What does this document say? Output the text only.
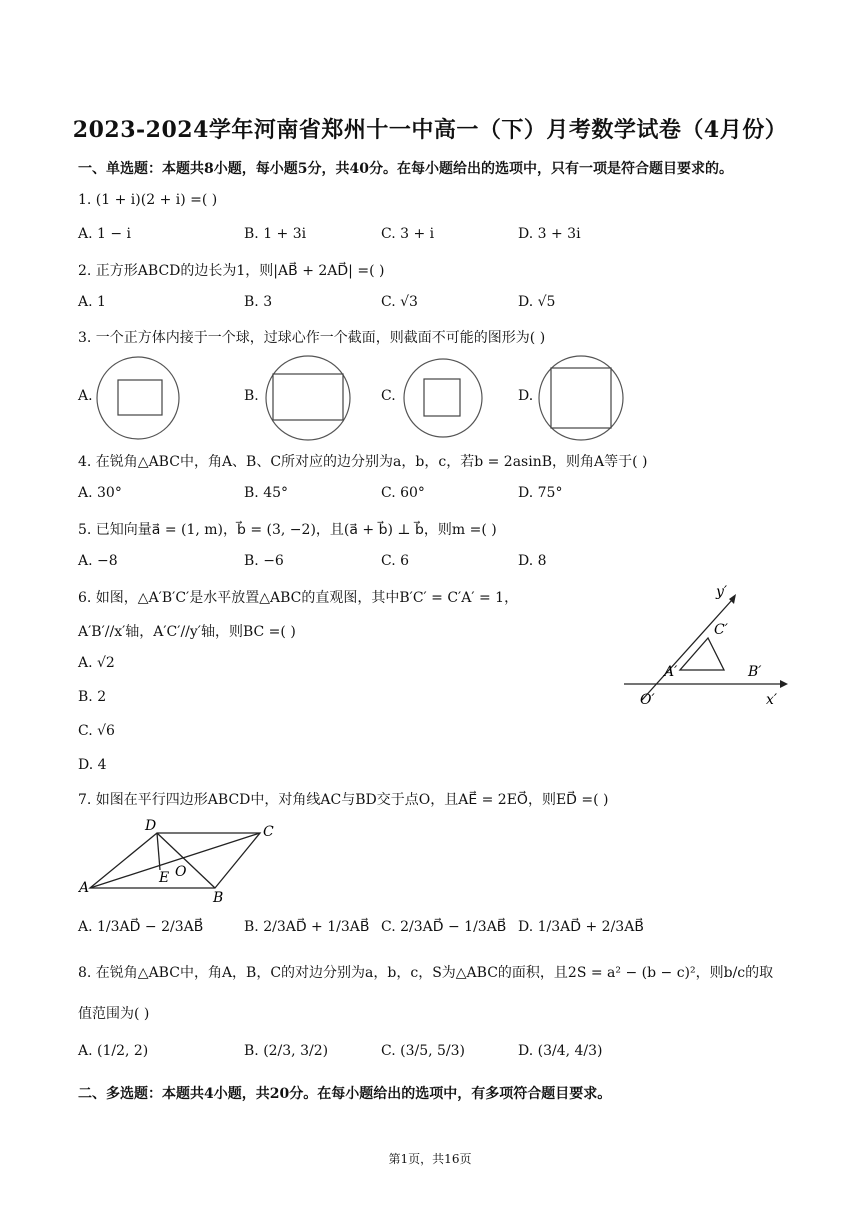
2023-2024学年河南省郑州十一中高一（下）月考数学试卷（4月份）
一、单选题：本题共8小题，每小题5分，共40分。在每小题给出的选项中，只有一项是符合题目要求的。
1. (1 + i)(2 + i) =( )
A. 1 − i	B. 1 + 3i	C. 3 + i	D. 3 + 3i
2. 正方形ABCD的边长为1，则|AB⃗ + 2AD⃗| =( )
A. 1	B. 3	C. √3	D. √5
3. 一个正方体内接于一个球，过球心作一个截面，则截面不可能的图形为( )
A.	B.	C.	D.
4. 在锐角△ABC中，角A、B、C所对应的边分别为a，b，c，若b = 2asinB，则角A等于( )
A. 30°	B. 45°	C. 60°	D. 75°
5. 已知向量a⃗ = (1, m)，b⃗ = (3, −2)，且(a⃗ + b⃗) ⊥ b⃗，则m =( )
A. −8	B. −6	C. 6	D. 8
6. 如图，△A′B′C′是水平放置△ABC的直观图，其中B′C′ = C′A′ = 1，
A′B′//x′轴，A′C′//y′轴，则BC =( )
A. √2
B. 2
C. √6
D. 4
y′
x′
O′
A′	B′
C′
7. 如图在平行四边形ABCD中，对角线AC与BD交于点O，且AE⃗ = 2EO⃗，则ED⃗ =( )
A
B
C
D
E O
A. 1/3AD⃗ − 2/3AB⃗	B. 2/3AD⃗ + 1/3AB⃗ C. 2/3AD⃗ − 1/3AB⃗ D. 1/3AD⃗ + 2/3AB⃗
8. 在锐角△ABC中，角A，B，C的对边分别为a，b，c，S为△ABC的面积，且2S = a² − (b − c)²，则b/c的取
值范围为( )
A. (1/2, 2)	B. (2/3, 3/2)	C. (3/5, 5/3)	D. (3/4, 4/3)
二、多选题：本题共4小题，共20分。在每小题给出的选项中，有多项符合题目要求。
第1页，共16页
